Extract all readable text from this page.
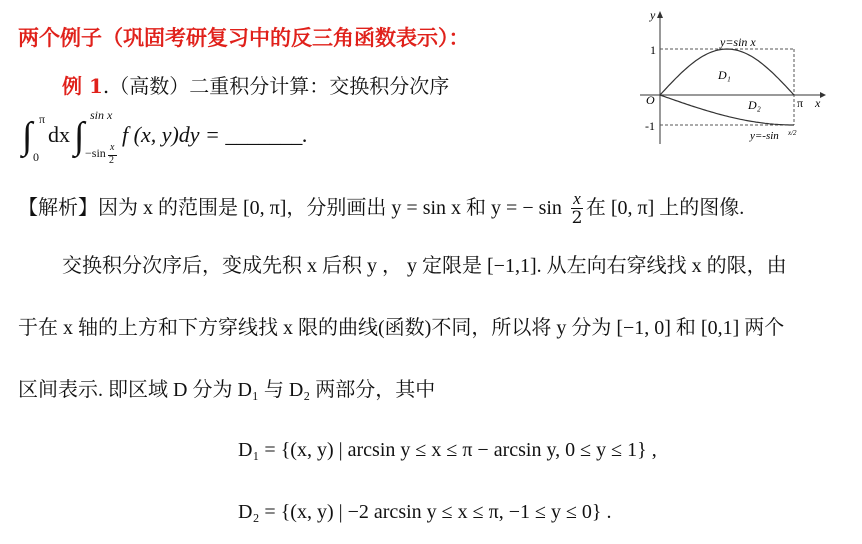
两个例子（巩固考研复习中的反三角函数表示）：
例 1.（高数）二重积分计算：交换积分次序
∫ π
0
dx ∫ sin x
−sin x
2
f (x, y)dy = _______.
【解析】因为 x 的范围是 [0, π]，分别画出 y = sin x 和 y = − $\sin \frac{x}{2}$ 在 [0, π] 上的图像.
交换积分次序后，变成先积 x 后积 y ， y 定限是 [−1,1]. 从左向右穿线找 x 的限，由
于在 x 轴的上方和下方穿线找 x 限的曲线(函数)不同，所以将 y 分为 [−1, 0] 和 [0,1] 两个
区间表示. 即区域 D 分为 D₁ 与 D₂ 两部分，其中
D₁ = {(x, y) | arcsin y ≤ x ≤ π − arcsin y, 0 ≤ y ≤ 1} ,
D₂ = {(x, y) | −2 arcsin y ≤ x ≤ π, −1 ≤ y ≤ 0} .
y
x
O	π
1
-1
y=sin x
D₁
D₂
y=-sin x/2
